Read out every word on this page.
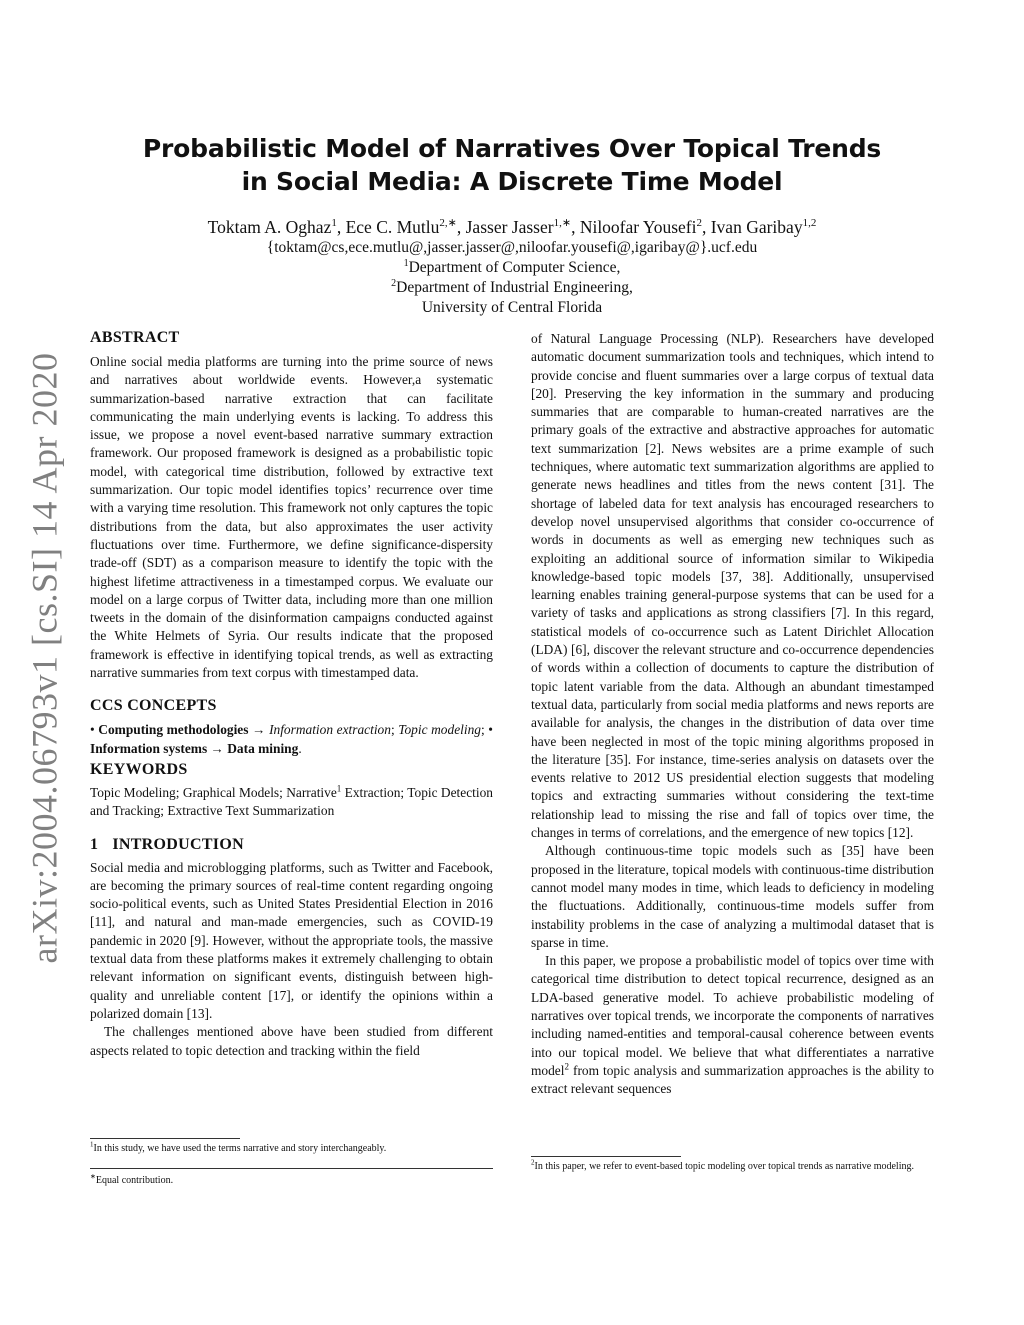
arXiv:2004.06793v1 [cs.SI] 14 Apr 2020
Probabilistic Model of Narratives Over Topical Trends in Social Media: A Discrete Time Model
Toktam A. Oghaz$^1$, Ece C. Mutlu$^{2,∗}$, Jasser Jasser$^{1,∗}$, Niloofar Yousefi$^2$, Ivan Garibay$^{1,2}$
{toktam@cs,ece.mutlu@,jasser.jasser@,niloofar.yousefi@,igaribay@}.ucf.edu
$^1$Department of Computer Science,
$^2$Department of Industrial Engineering,
University of Central Florida
ABSTRACT

Online social media platforms are turning into the prime source of news and narratives about worldwide events. However,a systematic summarization-based narrative extraction that can facilitate communicating the main underlying events is lacking. To address this issue, we propose a novel event-based narrative summary extraction framework. Our proposed framework is designed as a probabilistic topic model, with categorical time distribution, followed by extractive text summarization. Our topic model identifies topics’ recurrence over time with a varying time resolution. This framework not only captures the topic distributions from the data, but also approximates the user activity fluctuations over time. Furthermore, we define significance-dispersity trade-off (SDT) as a comparison measure to identify the topic with the highest lifetime attractiveness in a timestamped corpus. We evaluate our model on a large corpus of Twitter data, including more than one million tweets in the domain of the disinformation campaigns conducted against the White Helmets of Syria. Our results indicate that the proposed framework is effective in identifying topical trends, as well as extracting narrative summaries from text corpus with timestamped data.

CCS CONCEPTS

• Computing methodologies → Information extraction; Topic modeling; • Information systems → Data mining.

KEYWORDS

Topic Modeling; Graphical Models; Narrative$^1$ Extraction; Topic Detection and Tracking; Extractive Text Summarization

1 INTRODUCTION

Social media and microblogging platforms, such as Twitter and Facebook, are becoming the primary sources of real-time content regarding ongoing socio-political events, such as United States Presidential Election in 2016 [11], and natural and man-made emergencies, such as COVID-19 pandemic in 2020 [9]. However, without the appropriate tools, the massive textual data from these platforms makes it extremely challenging to obtain relevant information on significant events, distinguish between high-quality and unreliable content [17], or identify the opinions within a polarized domain [13].

The challenges mentioned above have been studied from different aspects related to topic detection and tracking within the field

of Natural Language Processing (NLP). Researchers have developed automatic document summarization tools and techniques, which intend to provide concise and fluent summaries over a large corpus of textual data [20]. Preserving the key information in the summary and producing summaries that are comparable to human-created narratives are the primary goals of the extractive and abstractive approaches for automatic text summarization [2]. News websites are a prime example of such techniques, where automatic text summarization algorithms are applied to generate news headlines and titles from the news content [31]. The shortage of labeled data for text analysis has encouraged researchers to develop novel unsupervised algorithms that consider co-occurrence of words in documents as well as emerging new techniques such as exploiting an additional source of information similar to Wikipedia knowledge-based topic models [37, 38]. Additionally, unsupervised learning enables training general-purpose systems that can be used for a variety of tasks and applications as strong classifiers [7]. In this regard, statistical models of co-occurrence such as Latent Dirichlet Allocation (LDA) [6], discover the relevant structure and co-occurrence dependencies of words within a collection of documents to capture the distribution of topic latent variable from the data. Although an abundant timestamped textual data, particularly from social media platforms and news reports are available for analysis, the changes in the distribution of data over time have been neglected in most of the topic mining algorithms proposed in the literature [35]. For instance, time-series analysis on datasets over the events relative to 2012 US presidential election suggests that modeling topics and extracting summaries without considering the text-time relationship lead to missing the rise and fall of topics over time, the changes in terms of correlations, and the emergence of new topics [12].

Although continuous-time topic models such as [35] have been proposed in the literature, topical models with continuous-time distribution cannot model many modes in time, which leads to deficiency in modeling the fluctuations. Additionally, continuous-time models suffer from instability problems in the case of analyzing a multimodal dataset that is sparse in time.

In this paper, we propose a probabilistic model of topics over time with categorical time distribution to detect topical recurrence, designed as an LDA-based generative model. To achieve probabilistic modeling of narratives over topical trends, we incorporate the components of narratives including named-entities and temporal-causal coherence between events into our topical model. We believe that what differentiates a narrative model$^2$ from topic analysis and summarization approaches is the ability to extract relevant sequences

$^1$In this study, we have used the terms narrative and story interchangeably.
∗Equal contribution.
$^2$In this paper, we refer to event-based topic modeling over topical trends as narrative modeling.
